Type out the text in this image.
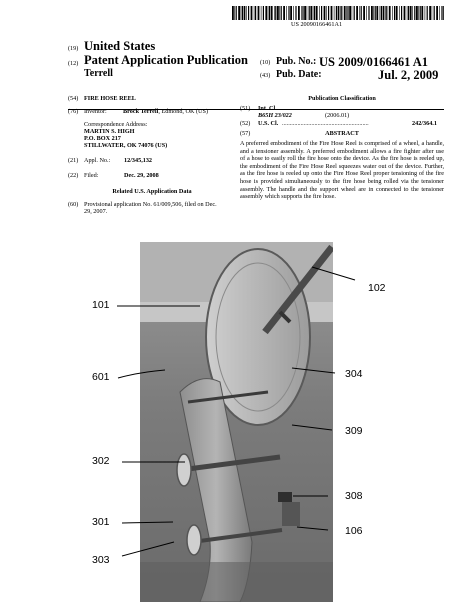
US 20090166461A1
(19) United States
(12) Patent Application Publication
Terrell
(10) Pub. No.: US 2009/0166461 A1
(43) Pub. Date:	Jul. 2, 2009
(54) FIRE HOSE REEL
(76) Inventor:	Brock Terrell, Edmond, OK (US)
Correspondence Address:
MARTIN S. HIGH
P.O. BOX 217
STILLWATER, OK 74076 (US)
(21) Appl. No.: 12/345,132
(22) Filed:	Dec. 29, 2008
Related U.S. Application Data
(60) Provisional application No. 61/009,506, filed on Dec.
29, 2007.
Publication Classification
(51) Int. Cl.
B65H 23/022	(2006.01)
(52) U.S. Cl. ........................................................	242/364.1
(57)	ABSTRACT
A preferred embodiment of the Fire Hose Reel is comprised of a wheel, a handle, and a tensioner assembly. A preferred embodiment allows a fire fighter after use of a hose to easily roll the fire hose onto the device. As the fire hose is reeled up, the embodiment of the Fire Hose Reel squeezes water out of the device. Further, as the fire hose is reeled up onto the Fire Hose Reel proper tensioning of the fire hose is provided simultaneously to the fire hose being rolled via the tensioner assembly. The handle and the support wheel are in connected to the tensioner assembly which supports the fire hose.
101
102
601	304
309
302
308
301
106
303
